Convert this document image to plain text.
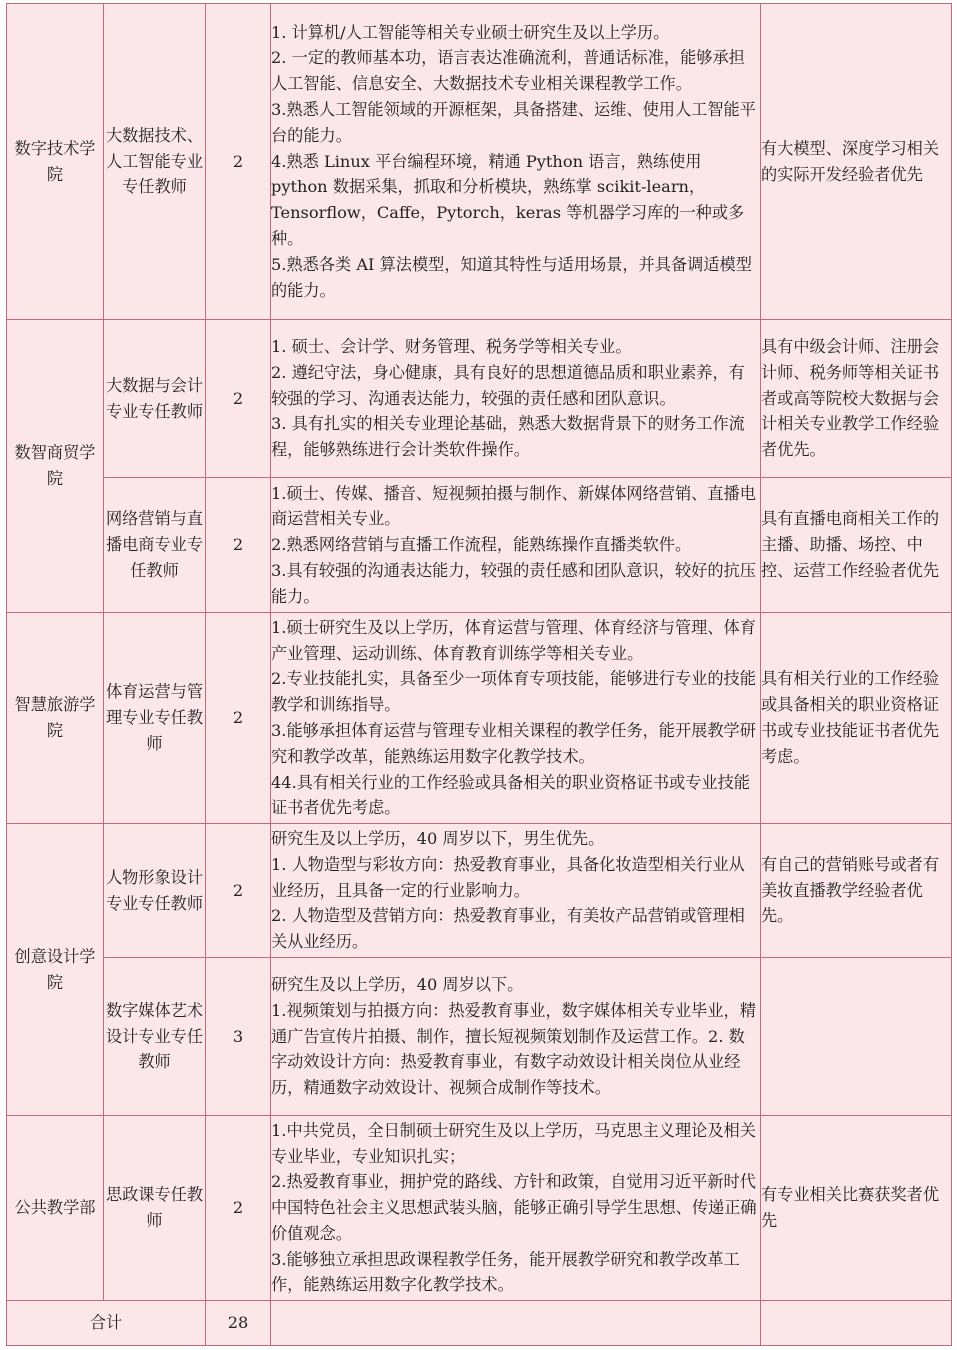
数字技术学院	大数据技术、人工智能专业专任教师	2	1. 计算机/人工智能等相关专业硕士研究生及以上学历。
2. 一定的教师基本功，语言表达准确流利，普通话标准，能够承担人工智能、信息安全、大数据技术专业相关课程教学工作。
3.熟悉人工智能领域的开源框架，具备搭建、运维、使用人工智能平台的能力。
4.熟悉 Linux 平台编程环境，精通 Python 语言，熟练使用 python 数据采集，抓取和分析模块，熟练掌 scikit-learn，Tensorflow，Caffe，Pytorch，keras 等机器学习库的一种或多种。
5.熟悉各类 AI 算法模型，知道其特性与适用场景，并具备调适模型的能力。	有大模型、深度学习相关的实际开发经验者优先
数智商贸学院	大数据与会计专业专任教师	2	1. 硕士、会计学、财务管理、税务学等相关专业。
2. 遵纪守法，身心健康，具有良好的思想道德品质和职业素养，有较强的学习、沟通表达能力，较强的责任感和团队意识。
3. 具有扎实的相关专业理论基础，熟悉大数据背景下的财务工作流程，能够熟练进行会计类软件操作。	具有中级会计师、注册会计师、税务师等相关证书者或高等院校大数据与会计相关专业教学工作经验者优先。
	网络营销与直播电商专业专任教师	2	1.硕士、传媒、播音、短视频拍摄与制作、新媒体网络营销、直播电商运营相关专业。
2.熟悉网络营销与直播工作流程，能熟练操作直播类软件。
3.具有较强的沟通表达能力，较强的责任感和团队意识，较好的抗压能力。	具有直播电商相关工作的主播、助播、场控、中控、运营工作经验者优先
智慧旅游学院	体育运营与管理专业专任教师	2	1.硕士研究生及以上学历，体育运营与管理、体育经济与管理、体育产业管理、运动训练、体育教育训练学等相关专业。
2.专业技能扎实，具备至少一项体育专项技能，能够进行专业的技能教学和训练指导。
3.能够承担体育运营与管理专业相关课程的教学任务，能开展教学研究和教学改革，能熟练运用数字化教学技术。
44.具有相关行业的工作经验或具备相关的职业资格证书或专业技能证书者优先考虑。	具有相关行业的工作经验或具备相关的职业资格证书或专业技能证书者优先考虑。
创意设计学院	人物形象设计专业专任教师	2	研究生及以上学历，40 周岁以下，男生优先。
1. 人物造型与彩妆方向：热爱教育事业，具备化妆造型相关行业从业经历，且具备一定的行业影响力。
2. 人物造型及营销方向：热爱教育事业，有美妆产品营销或管理相关从业经历。	有自己的营销账号或者有美妆直播教学经验者优先。
	数字媒体艺术设计专业专任教师	3	研究生及以上学历，40 周岁以下。
1.视频策划与拍摄方向：热爱教育事业，数字媒体相关专业毕业，精通广告宣传片拍摄、制作，擅长短视频策划制作及运营工作。2. 数字动效设计方向：热爱教育事业，有数字动效设计相关岗位从业经历，精通数字动效设计、视频合成制作等技术。	

公共教学部	思政课专任教师	2	1.中共党员，全日制硕士研究生及以上学历，马克思主义理论及相关专业毕业，专业知识扎实；
2.热爱教育事业，拥护党的路线、方针和政策，自觉用习近平新时代中国特色社会主义思想武装头脑，能够正确引导学生思想、传递正确价值观念。
3.能够独立承担思政课程教学任务，能开展教学研究和教学改革工作，能熟练运用数字化教学技术。	有专业相关比赛获奖者优先
合计		28		
